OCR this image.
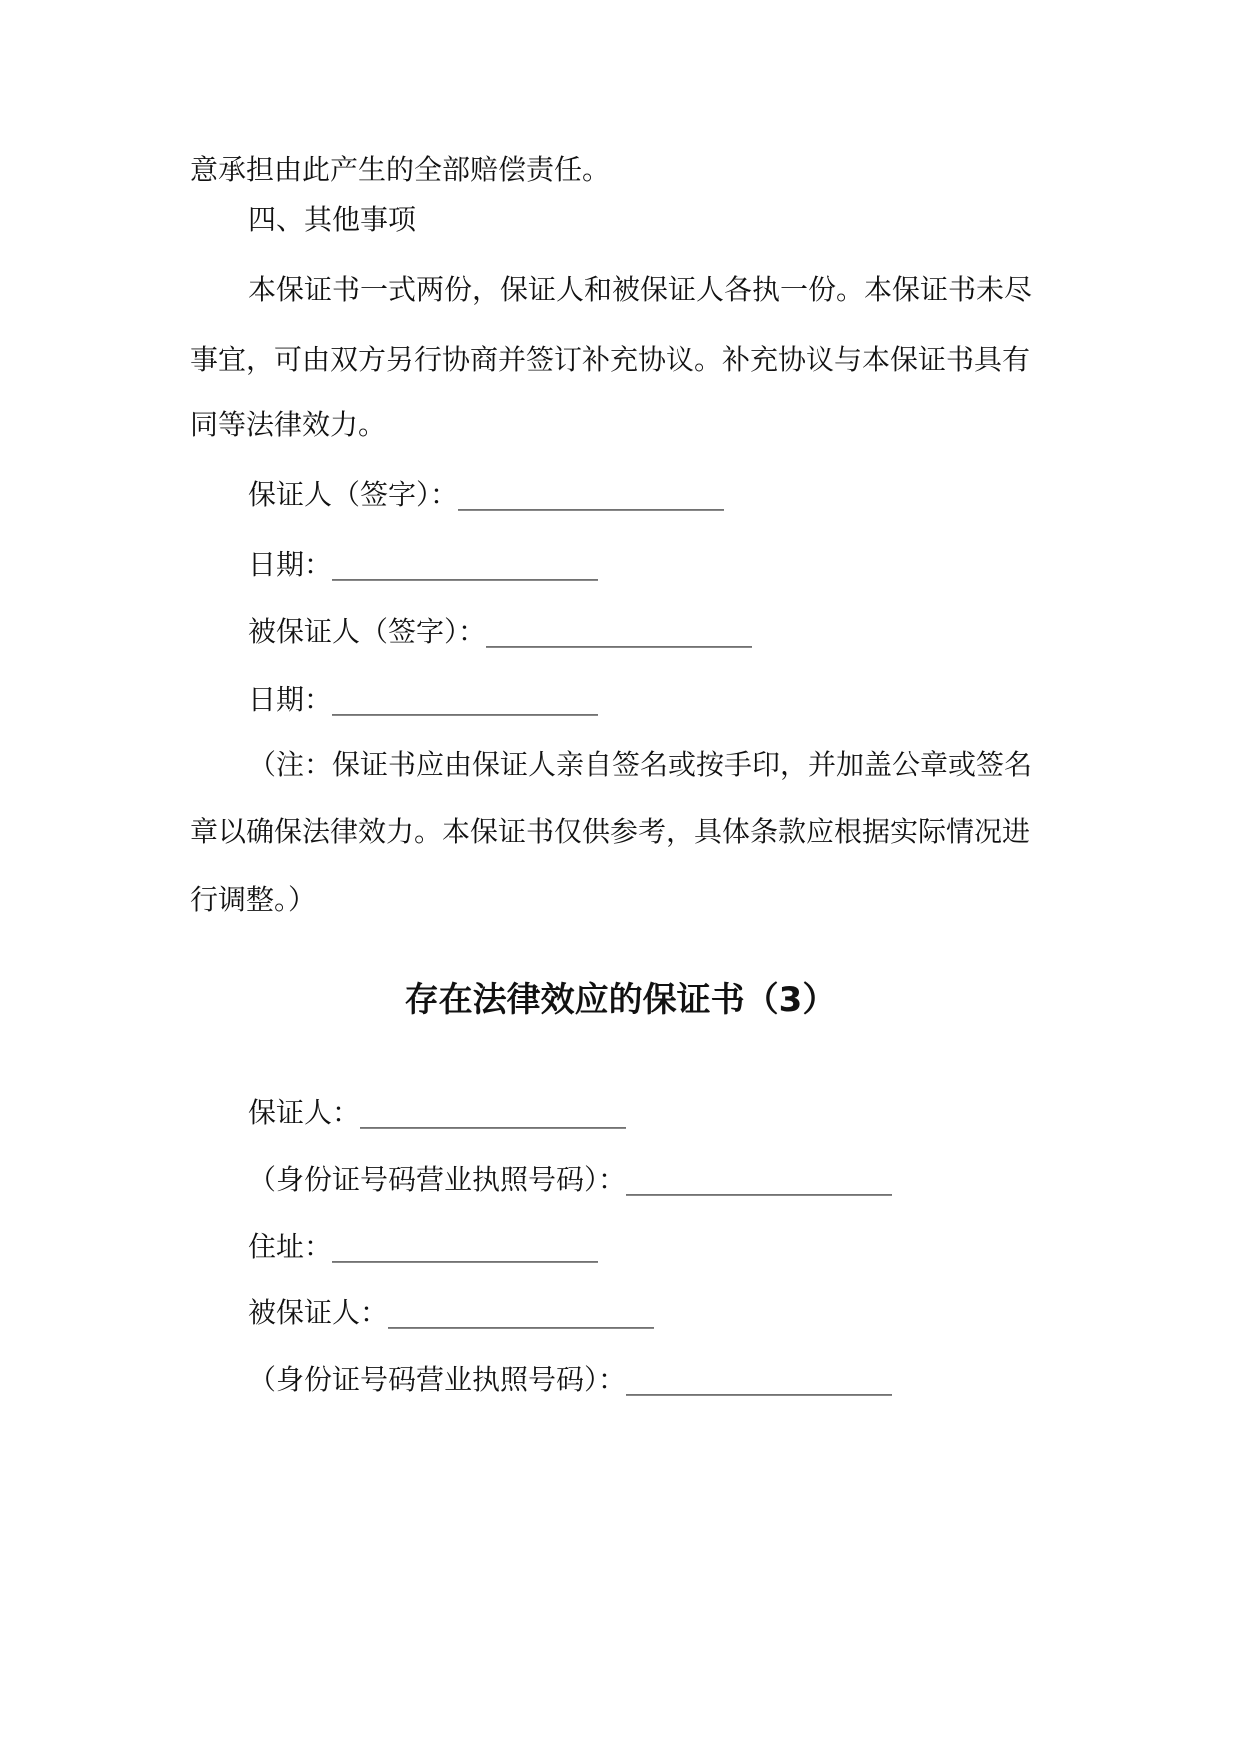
意承担由此产生的全部赔偿责任。
四、其他事项
本保证书一式两份，保证人和被保证人各执一份。本保证书未尽
事宜，可由双方另行协商并签订补充协议。补充协议与本保证书具有
同等法律效力。
保证人（签字）：___________________
日期：___________________
被保证人（签字）：___________________
日期：___________________
（注：保证书应由保证人亲自签名或按手印，并加盖公章或签名
章以确保法律效力。本保证书仅供参考，具体条款应根据实际情况进
行调整。）
存在法律效应的保证书（3）
保证人：___________________
（身份证号码营业执照号码）：___________________
住址：___________________
被保证人：___________________
（身份证号码营业执照号码）：___________________
